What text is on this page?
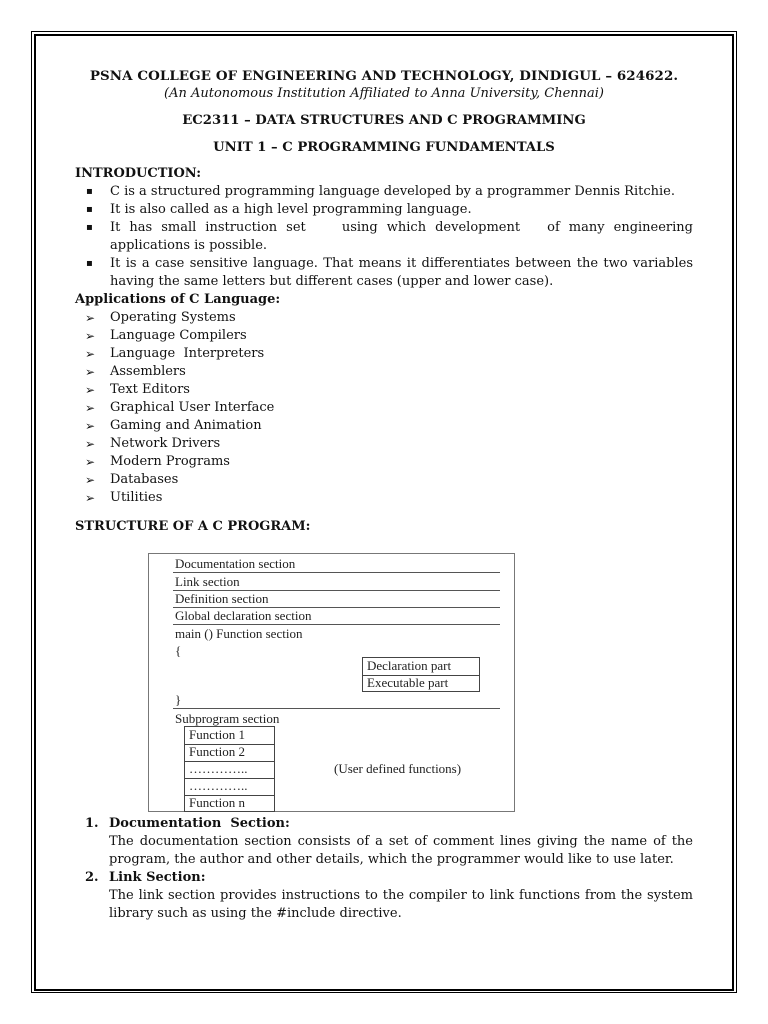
PSNA COLLEGE OF ENGINEERING AND TECHNOLOGY, DINDIGUL – 624622.
(An Autonomous Institution Affiliated to Anna University, Chennai)
EC2311 – DATA STRUCTURES AND C PROGRAMMING
UNIT 1 – C PROGRAMMING FUNDAMENTALS
INTRODUCTION:
▪ C is a structured programming language developed by a programmer Dennis Ritchie.
▪ It is also called as a high level programming language.
▪ It has small instruction set    using which development   of many engineering applications is possible.
▪ It is a case sensitive language. That means it differentiates between the two variables having the same letters but different cases (upper and lower case).
Applications of C Language:
➢ Operating Systems
➢ Language Compilers
➢ Language  Interpreters
➢ Assemblers
➢ Text Editors
➢ Graphical User Interface
➢ Gaming and Animation
➢ Network Drivers
➢ Modern Programs
➢ Databases
➢ Utilities
STRUCTURE OF A C PROGRAM:
Documentation section
Link section
Definition section
Global declaration section
main () Function section
{
Declaration part
Executable part
}
Subprogram section
Function 1
Function 2
…………..
…………..
Function n
(User defined functions)
1. Documentation  Section:
The documentation section consists of a set of comment lines giving the name of the program, the author and other details, which the programmer would like to use later.
2. Link Section:
The link section provides instructions to the compiler to link functions from the system library such as using the #include directive.
